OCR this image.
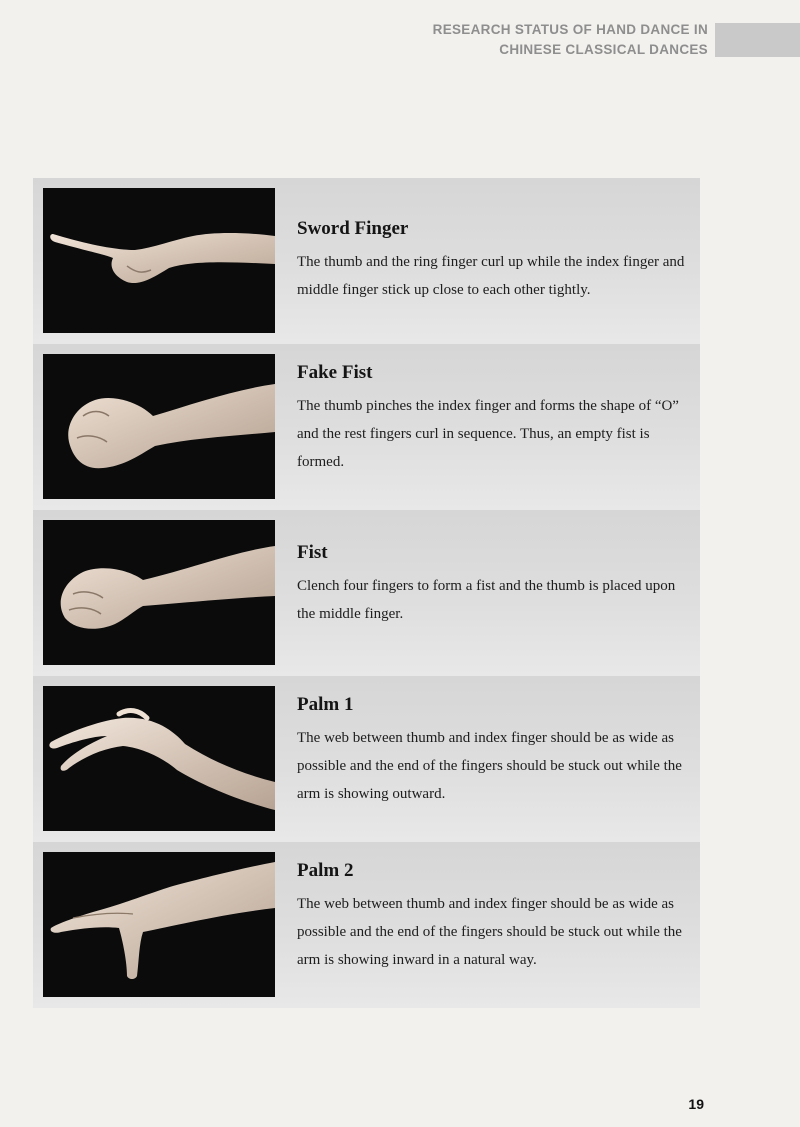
RESEARCH STATUS OF HAND DANCE IN
CHINESE CLASSICAL DANCES

Sword Finger

The thumb and the ring finger curl up while the index finger and middle finger stick up close to each other tightly.

Fake Fist

The thumb pinches the index finger and forms the shape of “O” and the rest fingers curl in sequence. Thus, an empty fist is formed.

Fist

Clench four fingers to form a fist and the thumb is placed upon the middle finger.

Palm 1

The web between thumb and index finger should be as wide as possible and the end of the fingers should be stuck out while the arm is showing outward.

Palm 2

The web between thumb and index finger should be as wide as possible and the end of the fingers should be stuck out while the arm is showing inward in a natural way.

19
